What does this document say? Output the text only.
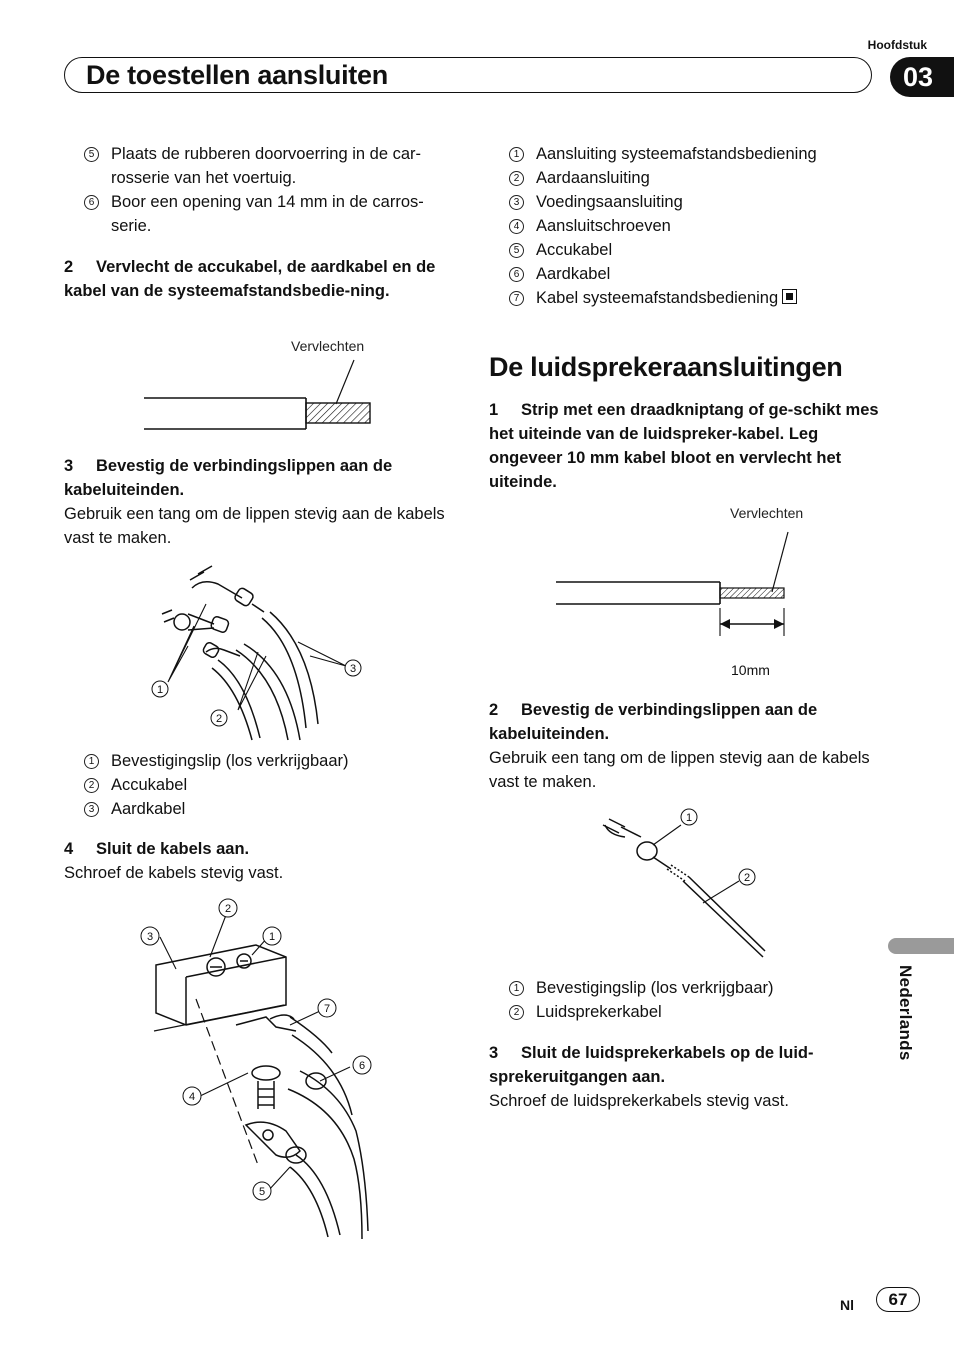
Hoofdstuk
De toestellen aansluiten	03
Nederlands
Nl	67
5 Plaats de rubberen doorvoerring in de car-rosserie van het voertuig.
6 Boor een opening van 14 mm in de carros-serie.
2 Vervlecht de accukabel, de aardkabel en de kabel van de systeemafstandsbedie-ning.
Vervlechten
3 Bevestig de verbindingslippen aan de kabeluiteinden.
Gebruik een tang om de lippen stevig aan de kabels vast te maken.
1
2
3
1 Bevestigingslip (los verkrijgbaar)
2 Accukabel
3 Aardkabel
4 Sluit de kabels aan.
Schroef de kabels stevig vast.
1
2
3
4
5
6
7
1 Aansluiting systeemafstandsbediening
2 Aardaansluiting
3 Voedingsaansluiting
4 Aansluitschroeven
5 Accukabel
6 Aardkabel
7 Kabel systeemafstandsbediening
De luidsprekeraansluitingen
1 Strip met een draadkniptang of ge-schikt mes het uiteinde van de luidspreker-kabel. Leg ongeveer 10 mm kabel bloot en vervlecht het uiteinde.
Vervlechten
10mm
2 Bevestig de verbindingslippen aan de kabeluiteinden.
Gebruik een tang om de lippen stevig aan de kabels vast te maken.
1
2
1 Bevestigingslip (los verkrijgbaar)
2 Luidsprekerkabel
3 Sluit de luidsprekerkabels op de luid-sprekeruitgangen aan.
Schroef de luidsprekerkabels stevig vast.
